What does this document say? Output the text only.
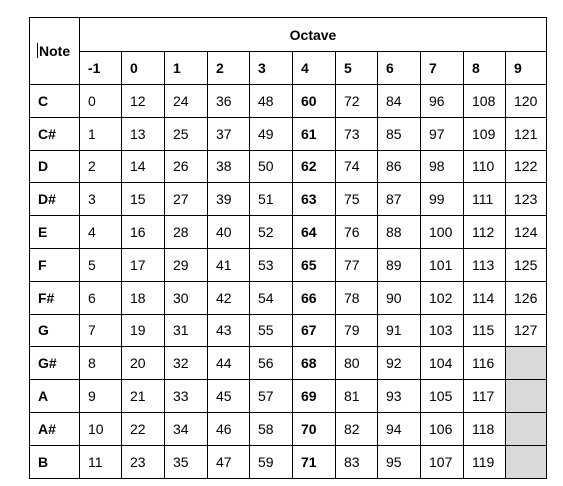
Note	Octave										
	-1	0	1	2	3	4	5	6	7	8	9
C	0	12	24	36	48	60	72	84	96	108	120
C#	1	13	25	37	49	61	73	85	97	109	121
D	2	14	26	38	50	62	74	86	98	110	122
D#	3	15	27	39	51	63	75	87	99	111	123
E	4	16	28	40	52	64	76	88	100	112	124
F	5	17	29	41	53	65	77	89	101	113	125
F#	6	18	30	42	54	66	78	90	102	114	126
G	7	19	31	43	55	67	79	91	103	115	127
G#	8	20	32	44	56	68	80	92	104	116	
A	9	21	33	45	57	69	81	93	105	117	
A#	10	22	34	46	58	70	82	94	106	118	
B	11	23	35	47	59	71	83	95	107	119	
